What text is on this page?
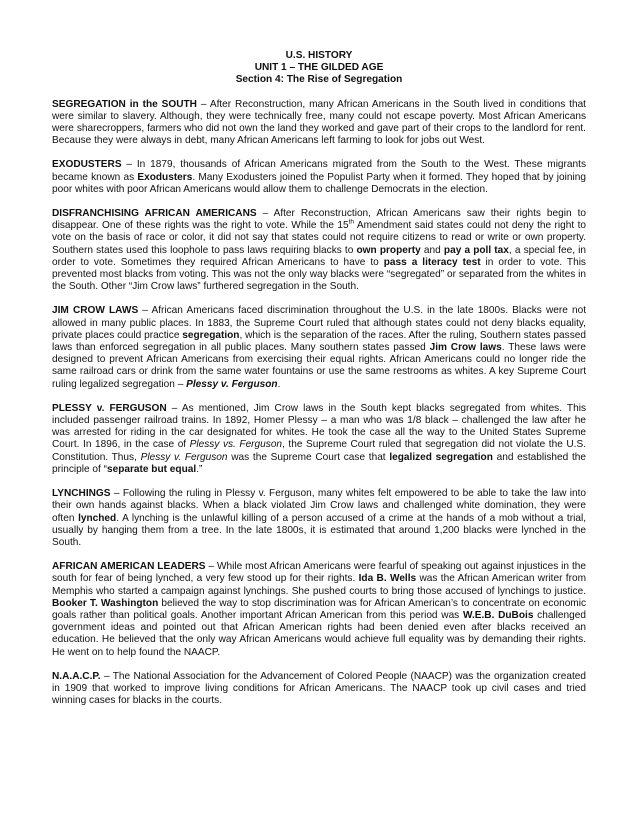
U.S. HISTORY
UNIT 1 – THE GILDED AGE
Section 4: The Rise of Segregation

SEGREGATION in the SOUTH – After Reconstruction, many African Americans in the South lived in conditions that were similar to slavery. Although, they were technically free, many could not escape poverty. Most African Americans were sharecroppers, farmers who did not own the land they worked and gave part of their crops to the landlord for rent. Because they were always in debt, many African Americans left farming to look for jobs out West.

EXODUSTERS – In 1879, thousands of African Americans migrated from the South to the West. These migrants became known as Exodusters. Many Exodusters joined the Populist Party when it formed. They hoped that by joining poor whites with poor African Americans would allow them to challenge Democrats in the election.

DISFRANCHISING AFRICAN AMERICANS – After Reconstruction, African Americans saw their rights begin to disappear. One of these rights was the right to vote. While the 15th Amendment said states could not deny the right to vote on the basis of race or color, it did not say that states could not require citizens to read or write or own property. Southern states used this loophole to pass laws requiring blacks to own property and pay a poll tax, a special fee, in order to vote. Sometimes they required African Americans to have to pass a literacy test in order to vote. This prevented most blacks from voting. This was not the only way blacks were “segregated” or separated from the whites in the South. Other “Jim Crow laws” furthered segregation in the South.

JIM CROW LAWS – African Americans faced discrimination throughout the U.S. in the late 1800s. Blacks were not allowed in many public places. In 1883, the Supreme Court ruled that although states could not deny blacks equality, private places could practice segregation, which is the separation of the races. After the ruling, Southern states passed laws than enforced segregation in all public places. Many southern states passed Jim Crow laws. These laws were designed to prevent African Americans from exercising their equal rights. African Americans could no longer ride the same railroad cars or drink from the same water fountains or use the same restrooms as whites. A key Supreme Court ruling legalized segregation – Plessy v. Ferguson.

PLESSY v. FERGUSON – As mentioned, Jim Crow laws in the South kept blacks segregated from whites. This included passenger railroad trains. In 1892, Homer Plessy – a man who was 1/8 black – challenged the law after he was arrested for riding in the car designated for whites. He took the case all the way to the United States Supreme Court. In 1896, in the case of Plessy vs. Ferguson, the Supreme Court ruled that segregation did not violate the U.S. Constitution. Thus, Plessy v. Ferguson was the Supreme Court case that legalized segregation and established the principle of “separate but equal.”

LYNCHINGS – Following the ruling in Plessy v. Ferguson, many whites felt empowered to be able to take the law into their own hands against blacks. When a black violated Jim Crow laws and challenged white domination, they were often lynched. A lynching is the unlawful killing of a person accused of a crime at the hands of a mob without a trial, usually by hanging them from a tree. In the late 1800s, it is estimated that around 1,200 blacks were lynched in the South.

AFRICAN AMERICAN LEADERS – While most African Americans were fearful of speaking out against injustices in the south for fear of being lynched, a very few stood up for their rights. Ida B. Wells was the African American writer from Memphis who started a campaign against lynchings. She pushed courts to bring those accused of lynchings to justice. Booker T. Washington believed the way to stop discrimination was for African American’s to concentrate on economic goals rather than political goals. Another important African American from this period was W.E.B. DuBois challenged government ideas and pointed out that African American rights had been denied even after blacks received an education. He believed that the only way African Americans would achieve full equality was by demanding their rights. He went on to help found the NAACP.

N.A.A.C.P. – The National Association for the Advancement of Colored People (NAACP) was the organization created in 1909 that worked to improve living conditions for African Americans. The NAACP took up civil cases and tried winning cases for blacks in the courts.
